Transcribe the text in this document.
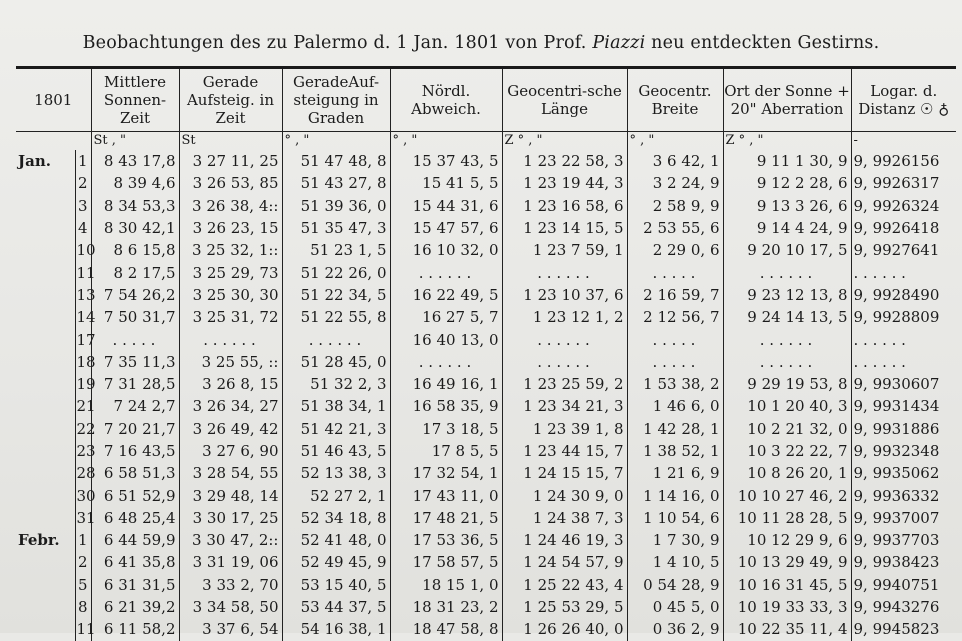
Beobachtungen des zu Palermo d. 1 Jan. 1801 von Prof. Piazzi neu entdeckten Gestirns.
1801		Mittlere Sonnen-Zeit	Gerade Aufsteig. in Zeit	GeradeAuf-steigung in Graden	Nördl. Abweich.	Geocentri-sche Länge	Geocentr. Breite	Ort der Sonne + 20" Aberration	Logar. d. Distanz ☉ ♁
		St , "	St	° , "	° , "	Z ° , "	° , "	Z ° , "	-
Jan.	1	8 43 17,8	3 27 11, 25	51 47 48, 8	15 37 43, 5	1 23 22 58, 3	3 6 42, 1	9 11 1 30, 9	9, 9926156
	2	8 39 4,6	3 26 53, 85	51 43 27, 8	15 41 5, 5	1 23 19 44, 3	3 2 24, 9	9 12 2 28, 6	9, 9926317
	3	8 34 53,3	3 26 38, 4::	51 39 36, 0	15 44 31, 6	1 23 16 58, 6	2 58 9, 9	9 13 3 26, 6	9, 9926324
	4	8 30 42,1	3 26 23, 15	51 35 47, 3	15 47 57, 6	1 23 14 15, 5	2 53 55, 6	9 14 4 24, 9	9, 9926418
	10	8 6 15,8	3 25 32, 1::	51 23 1, 5	16 10 32, 0	1 23 7 59, 1	2 29 0, 6	9 20 10 17, 5	9, 9927641
	11	8 2 17,5	3 25 29, 73	51 22 26, 0	. . . . . .	. . . . . .	. . . . .	. . . . . .	. . . . . .
	13	7 54 26,2	3 25 30, 30	51 22 34, 5	16 22 49, 5	1 23 10 37, 6	2 16 59, 7	9 23 12 13, 8	9, 9928490
	14	7 50 31,7	3 25 31, 72	51 22 55, 8	16 27 5, 7	1 23 12 1, 2	2 12 56, 7	9 24 14 13, 5	9, 9928809
	17	. . . . .	. . . . . .	. . . . . .	16 40 13, 0	. . . . . .	. . . . .	. . . . . .	. . . . . .
	18	7 35 11,3	3 25 55, ::	51 28 45, 0	. . . . . .	. . . . . .	. . . . .	. . . . . .	. . . . . .
	19	7 31 28,5	3 26 8, 15	51 32 2, 3	16 49 16, 1	1 23 25 59, 2	1 53 38, 2	9 29 19 53, 8	9, 9930607
	21	7 24 2,7	3 26 34, 27	51 38 34, 1	16 58 35, 9	1 23 34 21, 3	1 46 6, 0	10 1 20 40, 3	9, 9931434
	22	7 20 21,7	3 26 49, 42	51 42 21, 3	17 3 18, 5	1 23 39 1, 8	1 42 28, 1	10 2 21 32, 0	9, 9931886
	23	7 16 43,5	3 27 6, 90	51 46 43, 5	17 8 5, 5	1 23 44 15, 7	1 38 52, 1	10 3 22 22, 7	9, 9932348
	28	6 58 51,3	3 28 54, 55	52 13 38, 3	17 32 54, 1	1 24 15 15, 7	1 21 6, 9	10 8 26 20, 1	9, 9935062
	30	6 51 52,9	3 29 48, 14	52 27 2, 1	17 43 11, 0	1 24 30 9, 0	1 14 16, 0	10 10 27 46, 2	9, 9936332
	31	6 48 25,4	3 30 17, 25	52 34 18, 8	17 48 21, 5	1 24 38 7, 3	1 10 54, 6	10 11 28 28, 5	9, 9937007
Febr.	1	6 44 59,9	3 30 47, 2::	52 41 48, 0	17 53 36, 5	1 24 46 19, 3	1 7 30, 9	10 12 29 9, 6	9, 9937703
	2	6 41 35,8	3 31 19, 06	52 49 45, 9	17 58 57, 5	1 24 54 57, 9	1 4 10, 5	10 13 29 49, 9	9, 9938423
	5	6 31 31,5	3 33 2, 70	53 15 40, 5	18 15 1, 0	1 25 22 43, 4	0 54 28, 9	10 16 31 45, 5	9, 9940751
	8	6 21 39,2	3 34 58, 50	53 44 37, 5	18 31 23, 2	1 25 53 29, 5	0 45 5, 0	10 19 33 33, 3	9, 9943276
	11	6 11 58,2	3 37 6, 54	54 16 38, 1	18 47 58, 8	1 26 26 40, 0	0 36 2, 9	10 22 35 11, 4	9, 9945823
